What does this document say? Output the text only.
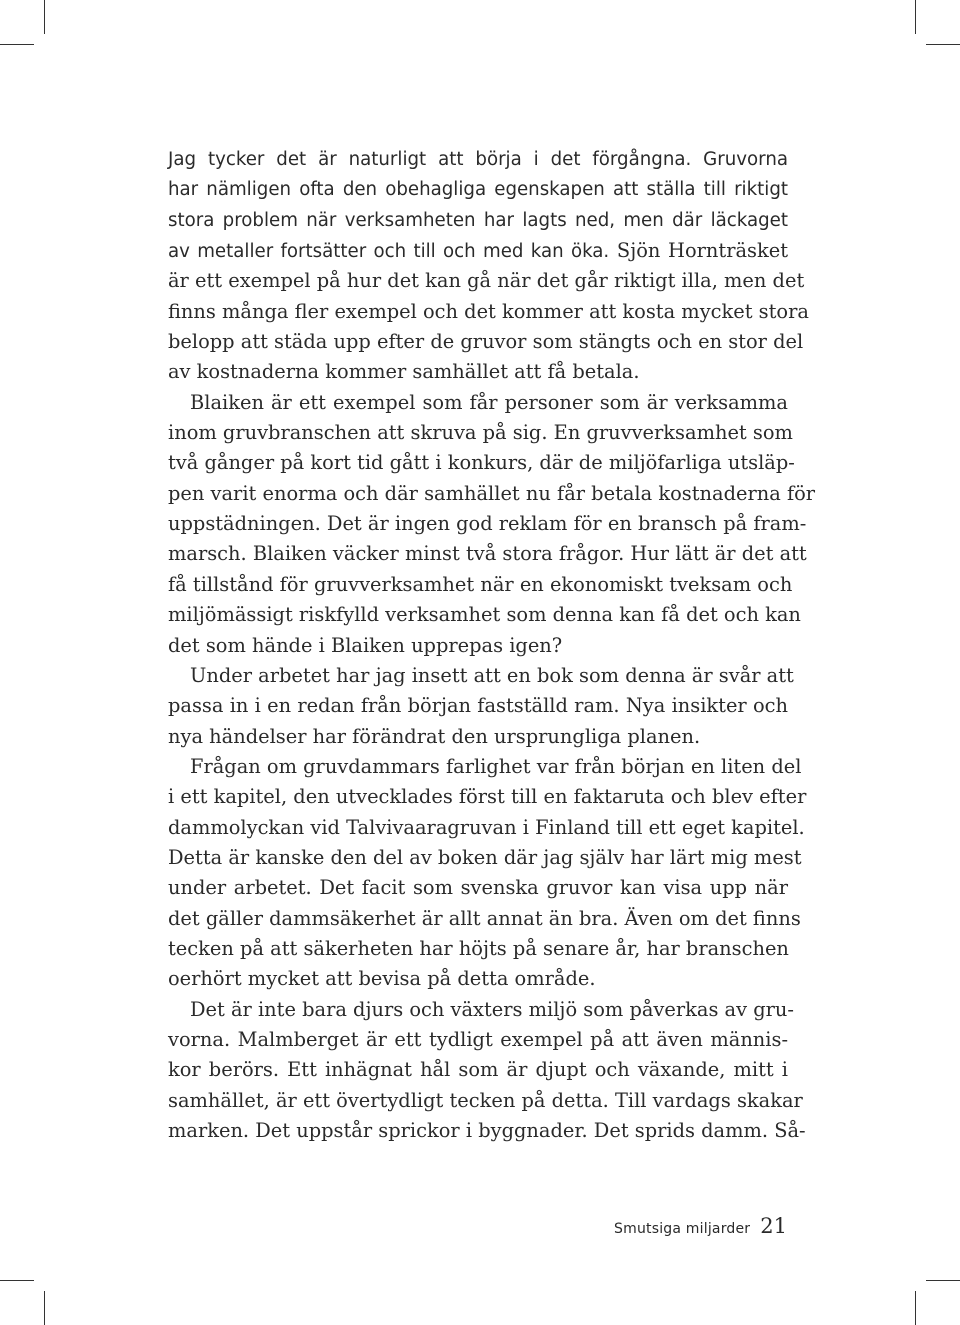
Jag tycker det är naturligt att börja i det förgångna. Gruvorna
har nämligen ofta den obehagliga egenskapen att ställa till riktigt
stora problem när verksamheten har lagts ned, men där läckaget
av metaller fortsätter och till och med kan öka. Sjön Hornträsket
är ett exempel på hur det kan gå när det går riktigt illa, men det
finns många fler exempel och det kommer att kosta mycket stora
belopp att städa upp efter de gruvor som stängts och en stor del
av kostnaderna kommer samhället att få betala.
Blaiken är ett exempel som får personer som är verksamma
inom gruvbranschen att skruva på sig. En gruvverksamhet som
två gånger på kort tid gått i konkurs, där de miljöfarliga utsläp-
pen varit enorma och där samhället nu får betala kostnaderna för
uppstädningen. Det är ingen god reklam för en bransch på fram-
marsch. Blaiken väcker minst två stora frågor. Hur lätt är det att
få tillstånd för gruvverksamhet när en ekonomiskt tveksam och
miljömässigt riskfylld verksamhet som denna kan få det och kan
det som hände i Blaiken upprepas igen?
Under arbetet har jag insett att en bok som denna är svår att
passa in i en redan från början fastställd ram. Nya insikter och
nya händelser har förändrat den ursprungliga planen.
Frågan om gruvdammars farlighet var från början en liten del
i ett kapitel, den utvecklades först till en faktaruta och blev efter
dammolyckan vid Talvivaaragruvan i Finland till ett eget kapitel.
Detta är kanske den del av boken där jag själv har lärt mig mest
under arbetet. Det facit som svenska gruvor kan visa upp när
det gäller dammsäkerhet är allt annat än bra. Även om det finns
tecken på att säkerheten har höjts på senare år, har branschen
oerhört mycket att bevisa på detta område.
Det är inte bara djurs och växters miljö som påverkas av gru-
vorna. Malmberget är ett tydligt exempel på att även männis-
kor berörs. Ett inhägnat hål som är djupt och växande, mitt i
samhället, är ett övertydligt tecken på detta. Till vardags skakar
marken. Det uppstår sprickor i byggnader. Det sprids damm. Så-
Smutsiga miljarder 21
